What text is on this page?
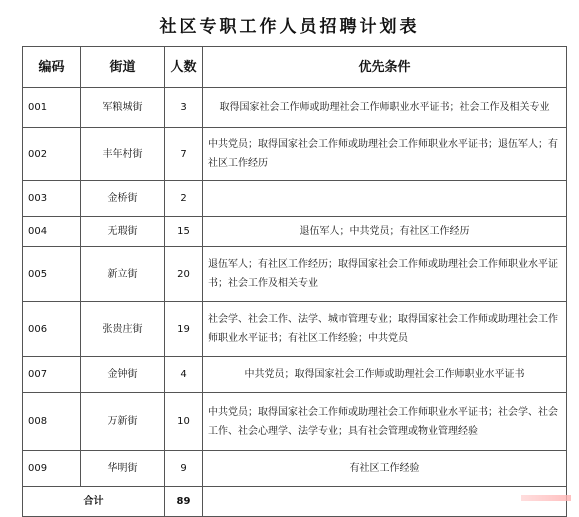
社区专职工作人员招聘计划表
编码	街道	人数	优先条件
001	军粮城街	3	取得国家社会工作师或助理社会工作师职业水平证书；社会工作及相关专业
002	丰年村街	7	中共党员；取得国家社会工作师或助理社会工作师职业水平证书；退伍军人；有社区工作经历
003	金桥街	2	
004	无瑕街	15	退伍军人；中共党员；有社区工作经历
005	新立街	20	退伍军人；有社区工作经历；取得国家社会工作师或助理社会工作师职业水平证书；社会工作及相关专业
006	张贵庄街	19	社会学、社会工作、法学、城市管理专业；取得国家社会工作师或助理社会工作师职业水平证书；有社区工作经验；中共党员
007	金钟街	4	中共党员；取得国家社会工作师或助理社会工作师职业水平证书
008	万新街	10	中共党员；取得国家社会工作师或助理社会工作师职业水平证书；社会学、社会工作、社会心理学、法学专业；具有社会管理或物业管理经验
009	华明街	9	有社区工作经验
合计		89	
